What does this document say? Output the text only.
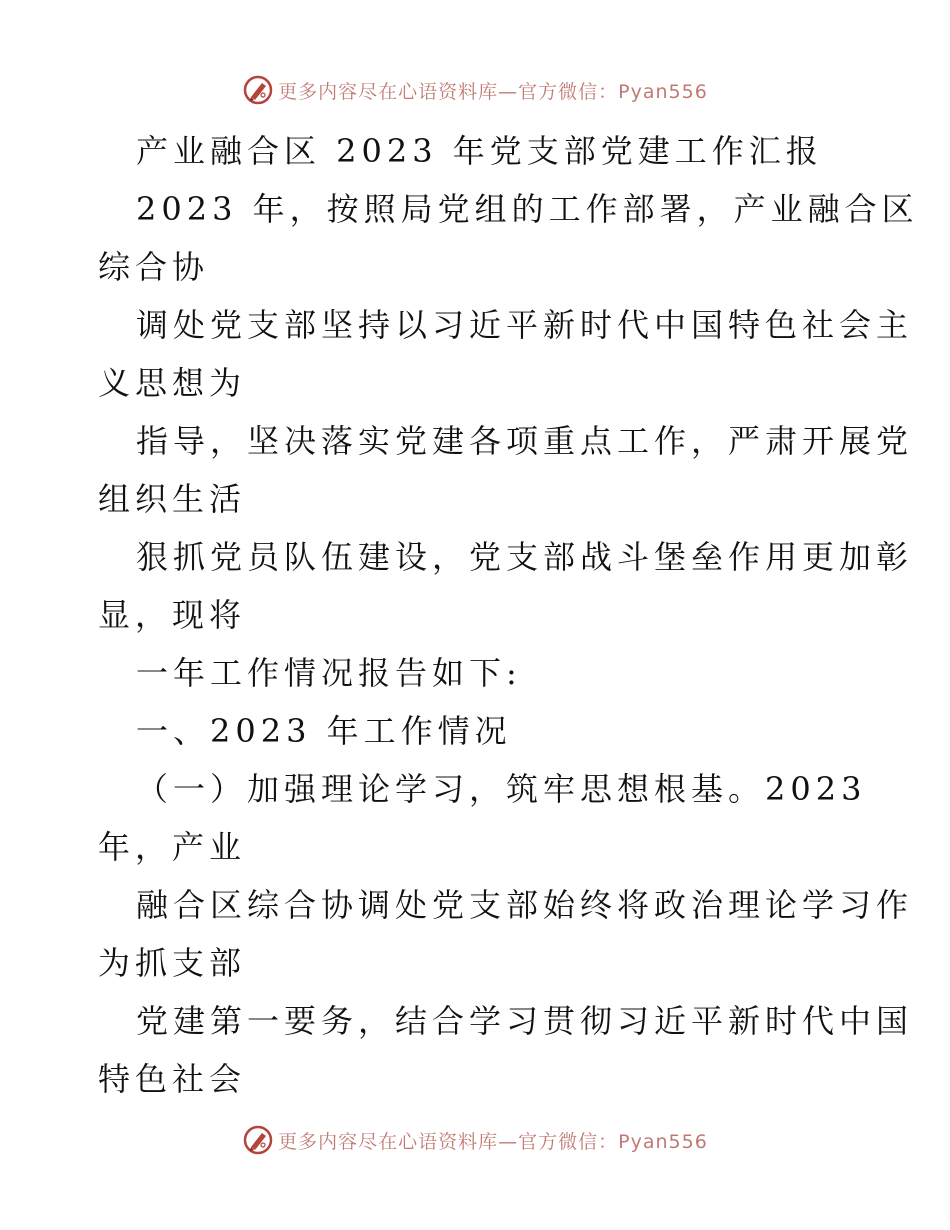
更多内容尽在心语资料库—官方微信：Pyan556
产业融合区 2023 年党支部党建工作汇报
2023 年，按照局党组的工作部署，产业融合区
综合协
调处党支部坚持以习近平新时代中国特色社会主
义思想为
指导，坚决落实党建各项重点工作，严肃开展党
组织生活
狠抓党员队伍建设，党支部战斗堡垒作用更加彰
显，现将
一年工作情况报告如下:
一、2023 年工作情况
（一）加强理论学习，筑牢思想根基。2023
年，产业
融合区综合协调处党支部始终将政治理论学习作
为抓支部
党建第一要务，结合学习贯彻习近平新时代中国
特色社会
更多内容尽在心语资料库—官方微信：Pyan556
